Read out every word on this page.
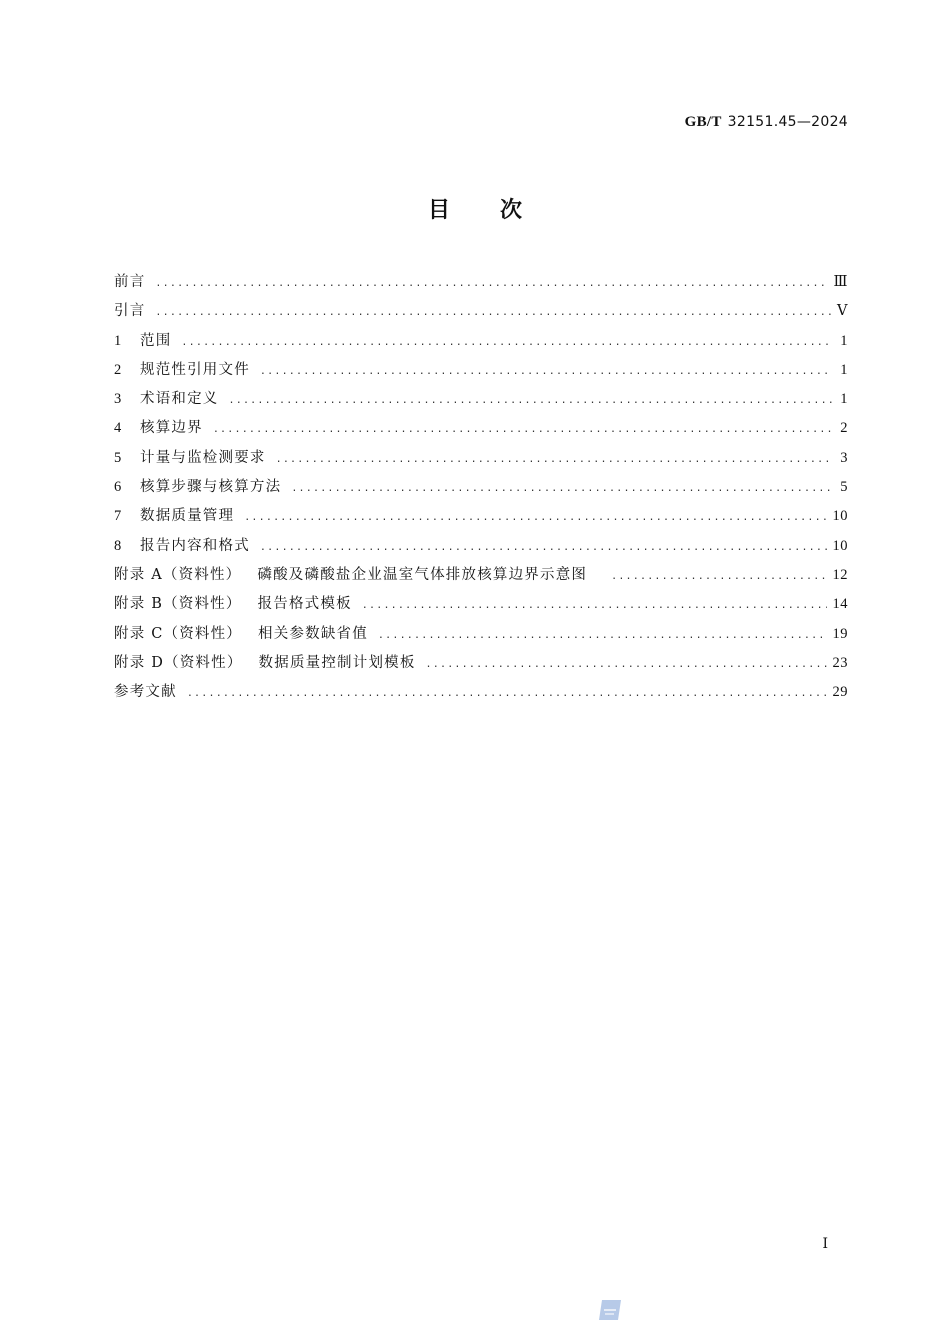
GB/T 32151.45—2024
目次
前言 .....	Ⅲ
引言 .....	Ⅴ
1	范围 .....	1
2	规范性引用文件 .....	1
3	术语和定义 .....	1
4	核算边界 .....	2
5	计量与监检测要求 .....	3
6	核算步骤与核算方法 .....	5
7	数据质量管理 .....	10
8	报告内容和格式 .....	10
附录 A（资料性） 磷酸及磷酸盐企业温室气体排放核算边界示意图 .....	12
附录 B（资料性） 报告格式模板 .....	14
附录 C（资料性） 相关参数缺省值 .....	19
附录 D（资料性） 数据质量控制计划模板 .....	23
参考文献 .....	29
Ⅰ
